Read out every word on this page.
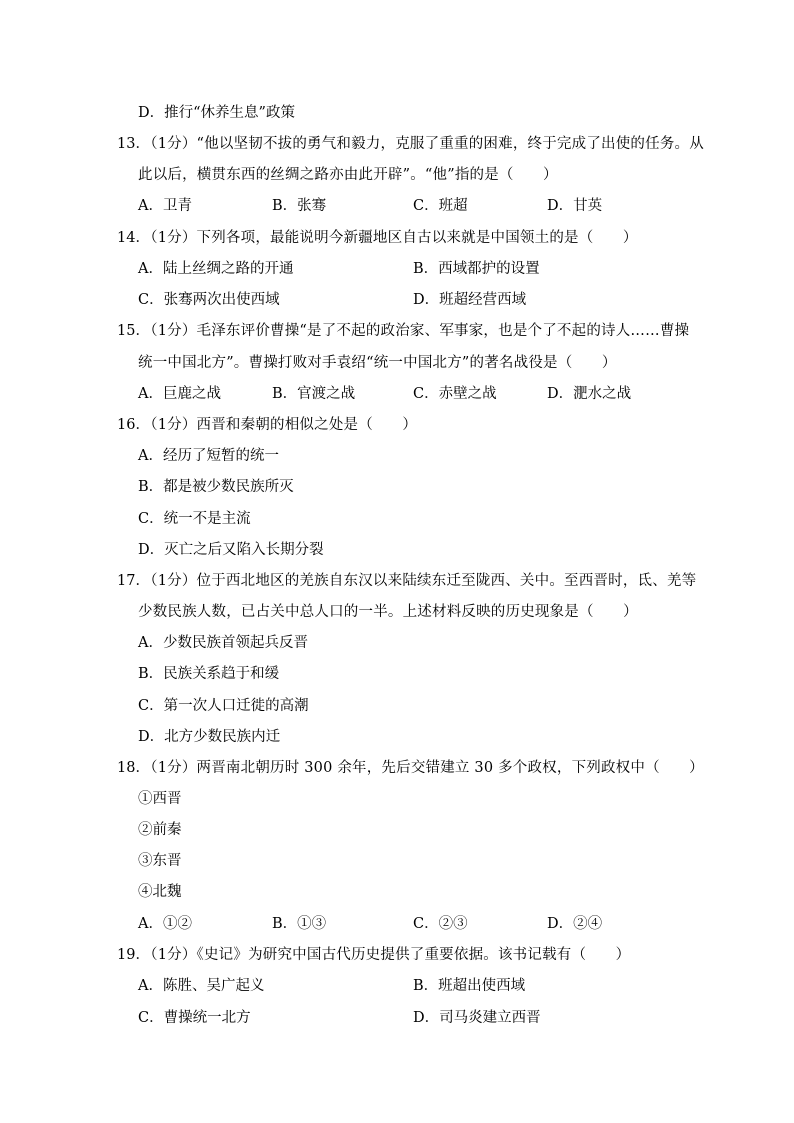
D．推行“休养生息”政策
13．
（1分）“他以坚韧不拔的勇气和毅力，克服了重重的困难，终于完成了出使的任务。从
此以后，横贯东西的丝绸之路亦由此开辟”。“他”指的是（　　）
A．卫青	B．张骞	C．班超	D．甘英
14．
（1分）下列各项，最能说明今新疆地区自古以来就是中国领土的是（　　）
A．陆上丝绸之路的开通	B．西域都护的设置
C．张骞两次出使西域	D．班超经营西域
15．
（1分）毛泽东评价曹操“是了不起的政治家、军事家，也是个了不起的诗人……曹操
统一中国北方”。曹操打败对手袁绍“统一中国北方”的著名战役是（　　）
A．巨鹿之战	B．官渡之战	C．赤壁之战	D．淝水之战
16．
（1分）西晋和秦朝的相似之处是（　　）
A．经历了短暂的统一
B．都是被少数民族所灭
C．统一不是主流
D．灭亡之后又陷入长期分裂
17．
（1分）位于西北地区的羌族自东汉以来陆续东迁至陇西、关中。至西晋时，氐、羌等
少数民族人数，已占关中总人口的一半。上述材料反映的历史现象是（　　）
A．少数民族首领起兵反晋
B．民族关系趋于和缓
C．第一次人口迁徙的高潮
D．北方少数民族内迁
18．
（1分）两晋南北朝历时 300 余年，先后交错建立 30 多个政权，下列政权中（　　）
①西晋
②前秦
③东晋
④北魏
A．①②	B．①③	C．②③	D．②④
19．
（1分）《史记》为研究中国古代历史提供了重要依据。该书记载有（　　）
A．陈胜、吴广起义	B．班超出使西域
C．曹操统一北方	D．司马炎建立西晋
